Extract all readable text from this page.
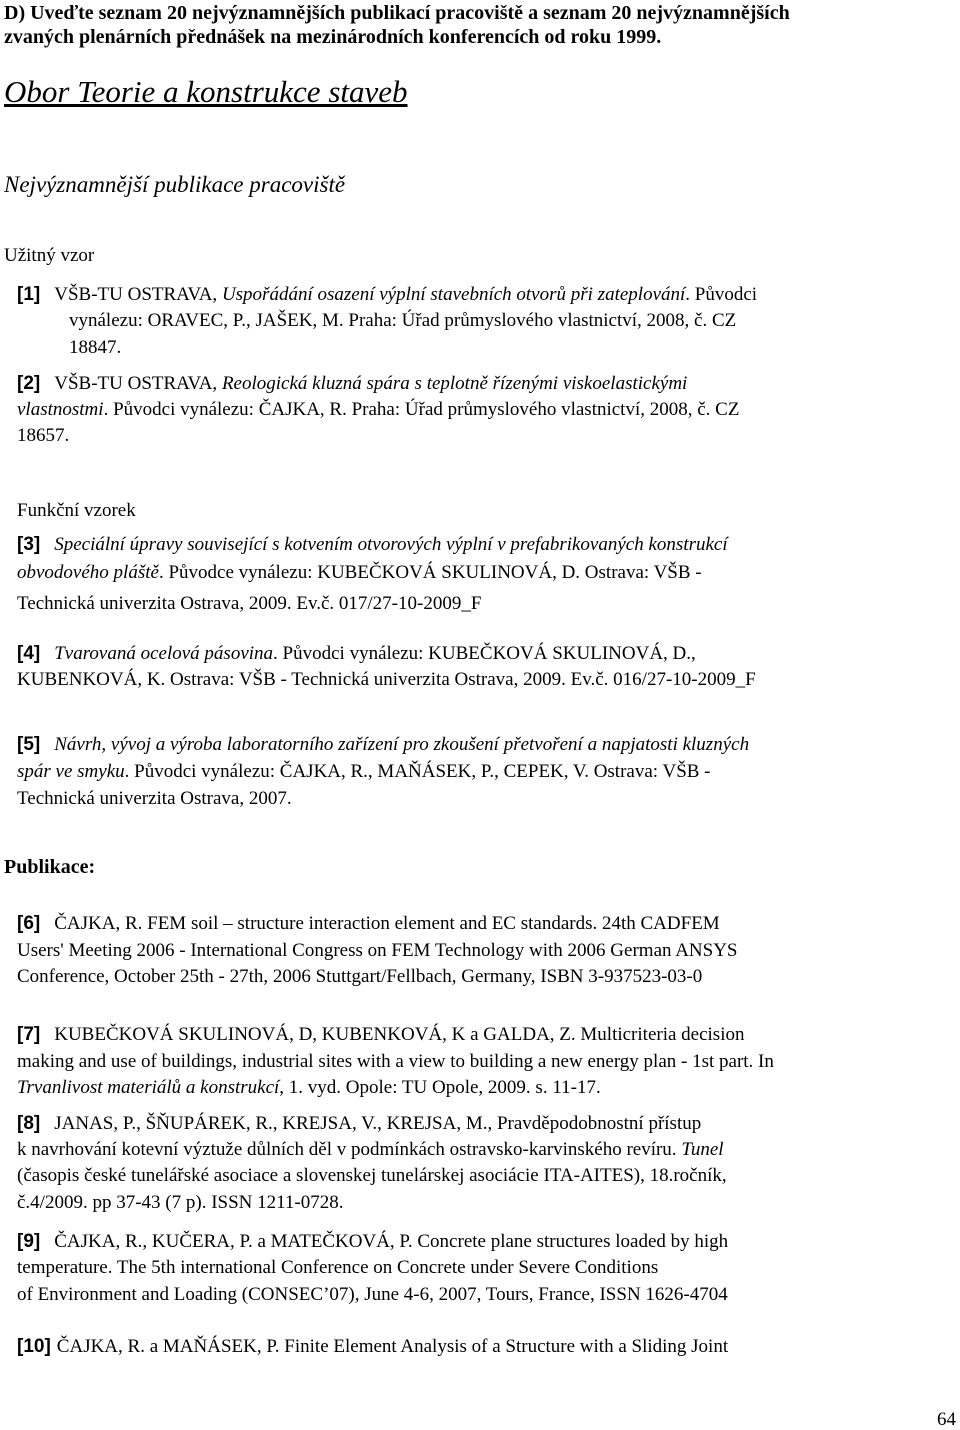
D) Uveďte seznam 20 nejvýznamnějších publikací pracoviště a seznam 20 nejvýznamnějších
zvaných plenárních přednášek na mezinárodních konferencích od roku 1999.
Obor Teorie a konstrukce staveb
Nejvýznamnější publikace pracoviště
Užitný vzor
[1] VŠB-TU OSTRAVA, Uspořádání osazení výplní stavebních otvorů při zateplování. Původci
vynálezu: ORAVEC, P., JAŠEK, M. Praha: Úřad průmyslového vlastnictví, 2008, č. CZ
18847.
[2] VŠB-TU OSTRAVA, Reologická kluzná spára s teplotně řízenými viskoelastickými
vlastnostmi. Původci vynálezu: ČAJKA, R. Praha: Úřad průmyslového vlastnictví, 2008, č. CZ
18657.
Funkční vzorek
[3] Speciální úpravy související s kotvením otvorových výplní v prefabrikovaných konstrukcí
obvodového pláště. Původce vynálezu: KUBEČKOVÁ SKULINOVÁ, D. Ostrava: VŠB -
Technická univerzita Ostrava, 2009. Ev.č. 017/27-10-2009_F
[4] Tvarovaná ocelová pásovina. Původci vynálezu: KUBEČKOVÁ SKULINOVÁ, D.,
KUBENKOVÁ, K. Ostrava: VŠB - Technická univerzita Ostrava, 2009. Ev.č. 016/27-10-2009_F
[5] Návrh, vývoj a výroba laboratorního zařízení pro zkoušení přetvoření a napjatosti kluzných
spár ve smyku. Původci vynálezu: ČAJKA, R., MAŇÁSEK, P., CEPEK, V. Ostrava: VŠB -
Technická univerzita Ostrava, 2007.
Publikace:
[6] ČAJKA, R. FEM soil – structure interaction element and EC standards. 24th CADFEM
Users' Meeting 2006 - International Congress on FEM Technology with 2006 German ANSYS
Conference, October 25th - 27th, 2006 Stuttgart/Fellbach, Germany, ISBN 3-937523-03-0
[7] KUBEČKOVÁ SKULINOVÁ, D, KUBENKOVÁ, K a GALDA, Z. Multicriteria decision
making and use of buildings, industrial sites with a view to building a new energy plan - 1st part. In
Trvanlivost materiálů a konstrukcí, 1. vyd. Opole: TU Opole, 2009. s. 11-17.
[8] JANAS, P., ŠŇUPÁREK, R., KREJSA, V., KREJSA, M., Pravděpodobnostní přístup
k navrhování kotevní výztuže důlních děl v podmínkách ostravsko-karvinského revíru. Tunel
(časopis české tunelářské asociace a slovenskej tunelárskej asociácie ITA-AITES), 18.ročník,
č.4/2009. pp 37-43 (7 p). ISSN 1211-0728.
[9] ČAJKA, R., KUČERA, P. a MATEČKOVÁ, P. Concrete plane structures loaded by high
temperature. The 5th international Conference on Concrete under Severe Conditions
of Environment and Loading (CONSEC’07), June 4-6, 2007, Tours, France, ISSN 1626-4704
[10] ČAJKA, R. a MAŇÁSEK, P. Finite Element Analysis of a Structure with a Sliding Joint
64
